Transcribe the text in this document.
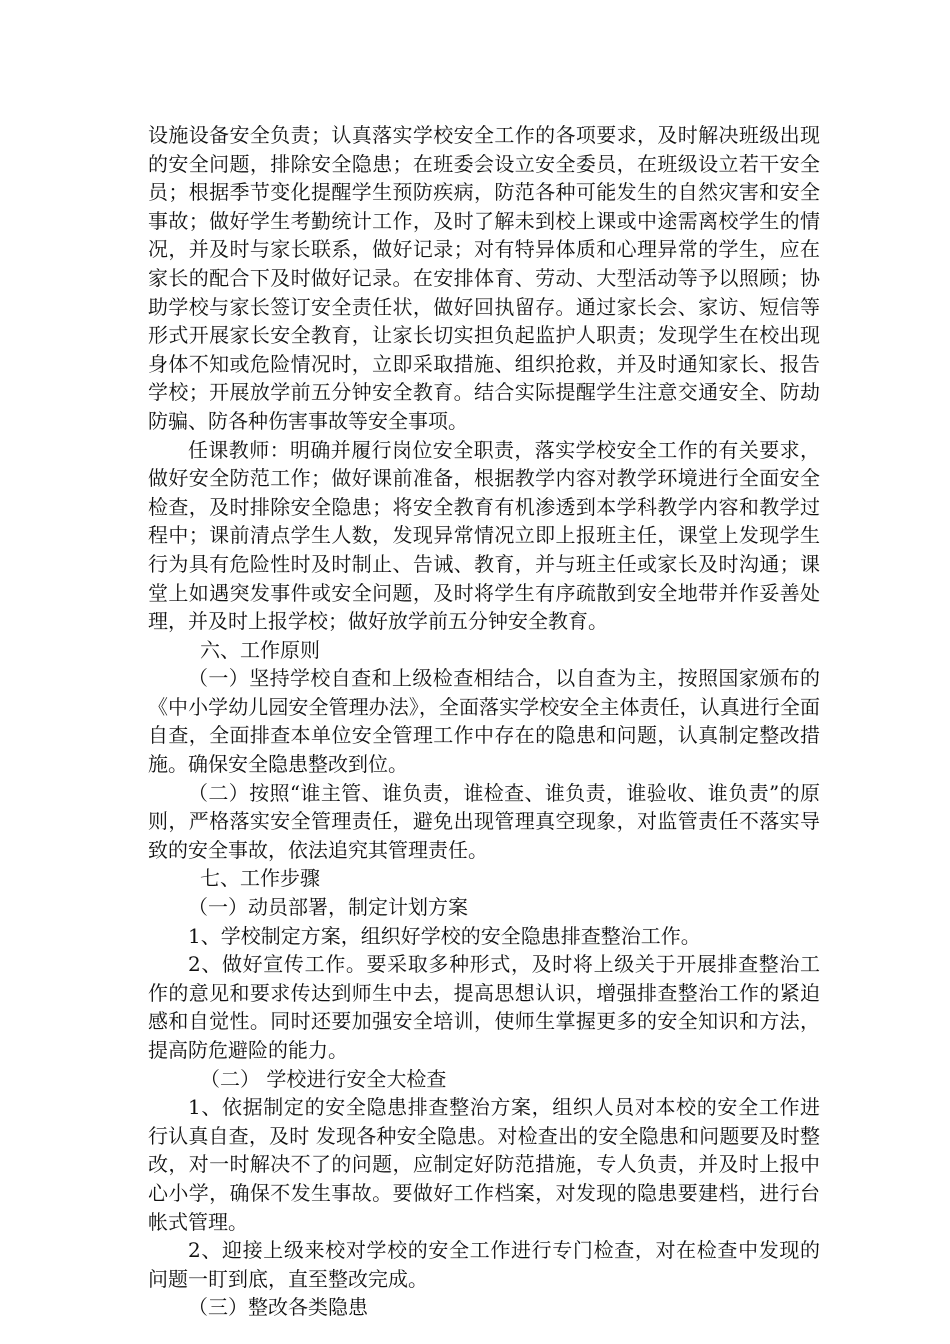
设施设备安全负责；认真落实学校安全工作的各项要求，及时解决班级出现的安全问题，排除安全隐患；在班委会设立安全委员，在班级设立若干安全员；根据季节变化提醒学生预防疾病，防范各种可能发生的自然灾害和安全事故；做好学生考勤统计工作，及时了解未到校上课或中途需离校学生的情况，并及时与家长联系，做好记录；对有特异体质和心理异常的学生，应在家长的配合下及时做好记录。在安排体育、劳动、大型活动等予以照顾；协助学校与家长签订安全责任状，做好回执留存。通过家长会、家访、短信等形式开展家长安全教育，让家长切实担负起监护人职责；发现学生在校出现身体不知或危险情况时，立即采取措施、组织抢救，并及时通知家长、报告学校；开展放学前五分钟安全教育。结合实际提醒学生注意交通安全、防劫防骗、防各种伤害事故等安全事项。

任课教师：明确并履行岗位安全职责，落实学校安全工作的有关要求，做好安全防范工作；做好课前准备，根据教学内容对教学环境进行全面安全检查，及时排除安全隐患；将安全教育有机渗透到本学科教学内容和教学过程中；课前清点学生人数，发现异常情况立即上报班主任，课堂上发现学生行为具有危险性时及时制止、告诫、教育，并与班主任或家长及时沟通；课堂上如遇突发事件或安全问题，及时将学生有序疏散到安全地带并作妥善处理，并及时上报学校；做好放学前五分钟安全教育。

六、工作原则

（一）坚持学校自查和上级检查相结合，以自查为主，按照国家颁布的《中小学幼儿园安全管理办法》，全面落实学校安全主体责任，认真进行全面自查，全面排查本单位安全管理工作中存在的隐患和问题，认真制定整改措施。确保安全隐患整改到位。

（二）按照“谁主管、谁负责，谁检查、谁负责，谁验收、谁负责”的原则，严格落实安全管理责任，避免出现管理真空现象，对监管责任不落实导致的安全事故，依法追究其管理责任。

七、工作步骤

（一）动员部署，制定计划方案

1、学校制定方案，组织好学校的安全隐患排查整治工作。

2、做好宣传工作。要采取多种形式，及时将上级关于开展排查整治工作的意见和要求传达到师生中去，提高思想认识，增强排查整治工作的紧迫感和自觉性。同时还要加强安全培训，使师生掌握更多的安全知识和方法，提高防危避险的能力。

（二） 学校进行安全大检查

1、依据制定的安全隐患排查整治方案，组织人员对本校的安全工作进行认真自查，及时 发现各种安全隐患。对检查出的安全隐患和问题要及时整改，对一时解决不了的问题，应制定好防范措施，专人负责，并及时上报中心小学，确保不发生事故。要做好工作档案，对发现的隐患要建档，进行台帐式管理。

2、迎接上级来校对学校的安全工作进行专门检查，对在检查中发现的问题一盯到底，直至整改完成。

（三）整改各类隐患
